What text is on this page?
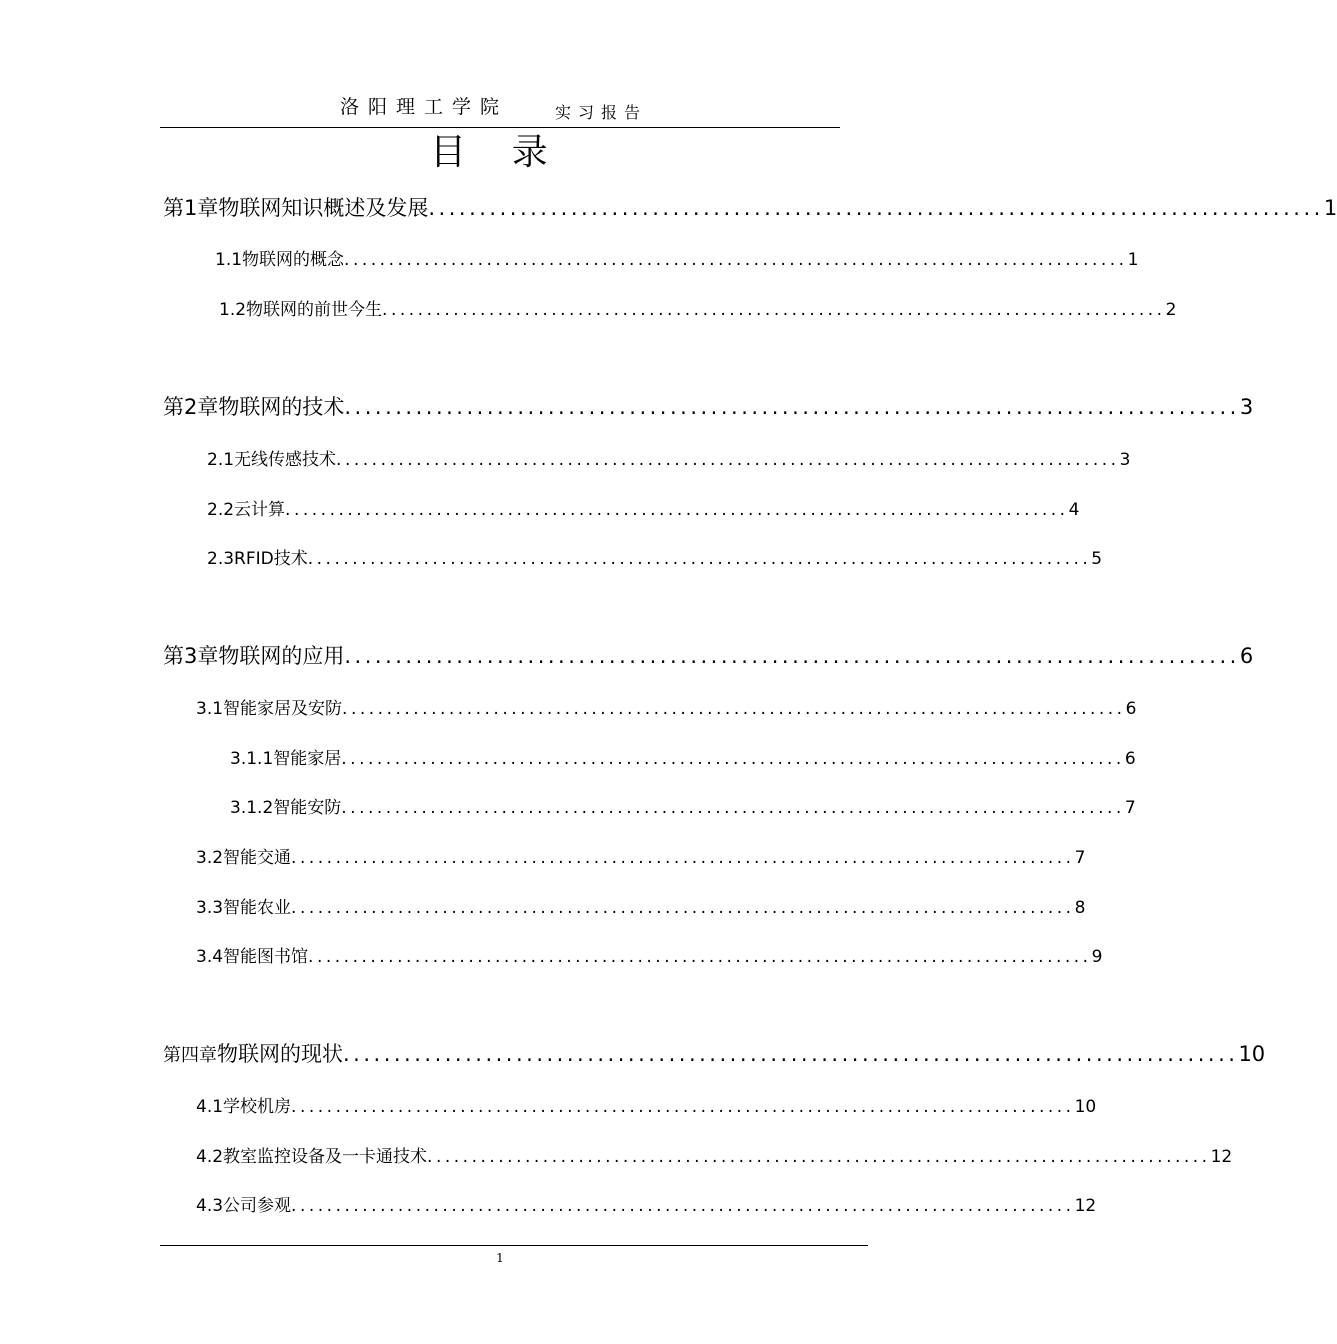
洛阳理工学院	实习报告
目    录
第1章 物联网知识概述及发展 ........................................................................................ 1
1.1 物联网的概念 ........................................................................................ 1
1.2 物联网的前世今生 ........................................................................................ 2
第2章 物联网的技术 ........................................................................................ 3
2.1 无线传感技术 ........................................................................................ 3
2.2 云计算 ........................................................................................ 4
2.3 RFID技术 ........................................................................................ 5
第3章 物联网的应用 ........................................................................................ 6
3.1 智能家居及安防 ........................................................................................ 6
3.1.1 智能家居 ........................................................................................ 6
3.1.2 智能安防 ........................................................................................ 7
3.2 智能交通 ........................................................................................ 7
3.3 智能农业 ........................................................................................ 8
3.4 智能图书馆 ........................................................................................ 9
第四章 物联网的现状 ........................................................................................ 10
4.1 学校机房 ........................................................................................ 10
4.2 教室监控设备及一卡通技术 ........................................................................................ 12
4.3 公司参观 ........................................................................................ 12
1
